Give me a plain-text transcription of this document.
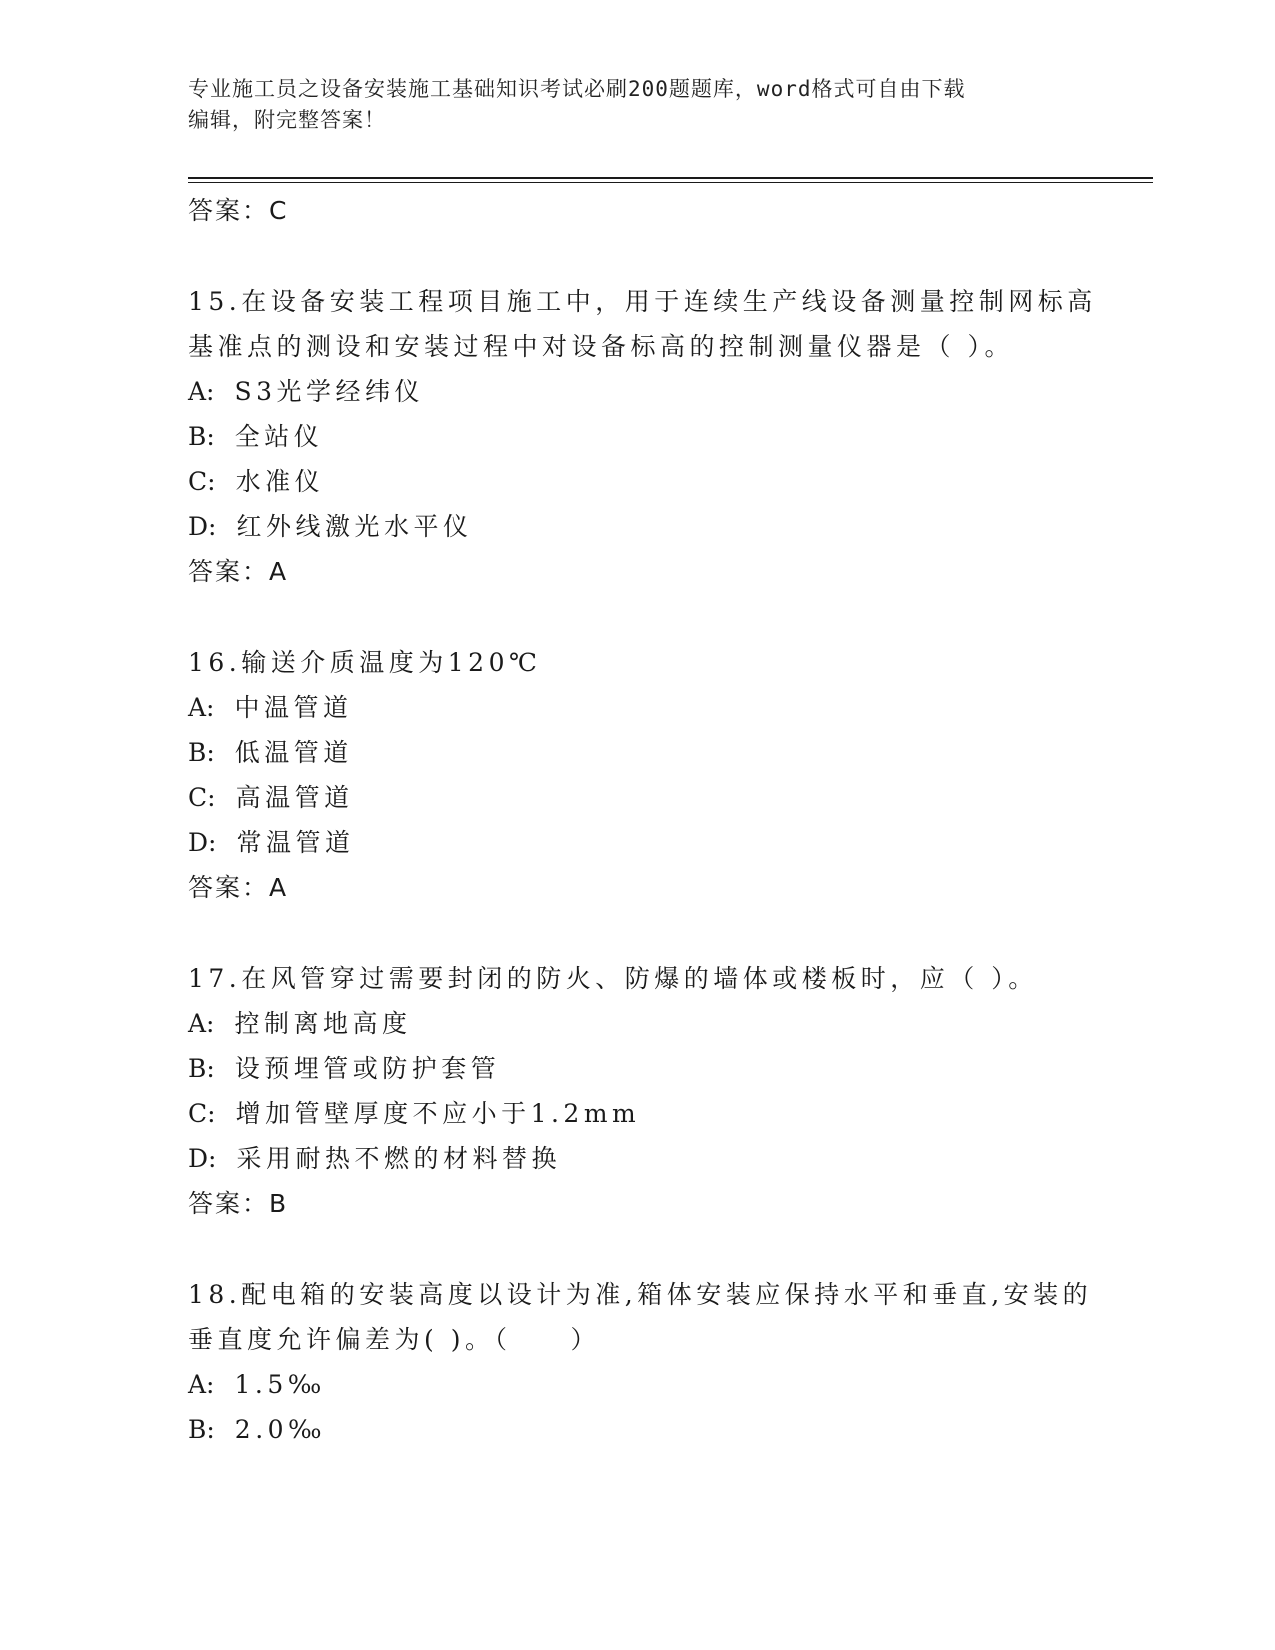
专业施工员之设备安装施工基础知识考试必刷200题题库，word格式可自由下载
编辑，附完整答案！
答案：C
15.在设备安装工程项目施工中，用于连续生产线设备测量控制网标高
基准点的测设和安装过程中对设备标高的控制测量仪器是（ ）。
A: S3光学经纬仪
B: 全站仪
C: 水准仪
D: 红外线激光水平仪
答案：A
16.输送介质温度为120℃
A: 中温管道
B: 低温管道
C: 高温管道
D: 常温管道
答案：A
17.在风管穿过需要封闭的防火、防爆的墙体或楼板时，应（ ）。
A: 控制离地高度
B: 设预埋管或防护套管
C: 增加管壁厚度不应小于1.2mm
D: 采用耐热不燃的材料替换
答案：B
18.配电箱的安装高度以设计为准,箱体安装应保持水平和垂直,安装的
垂直度允许偏差为( )。（　　）
A: 1.5‰
B: 2.0‰
